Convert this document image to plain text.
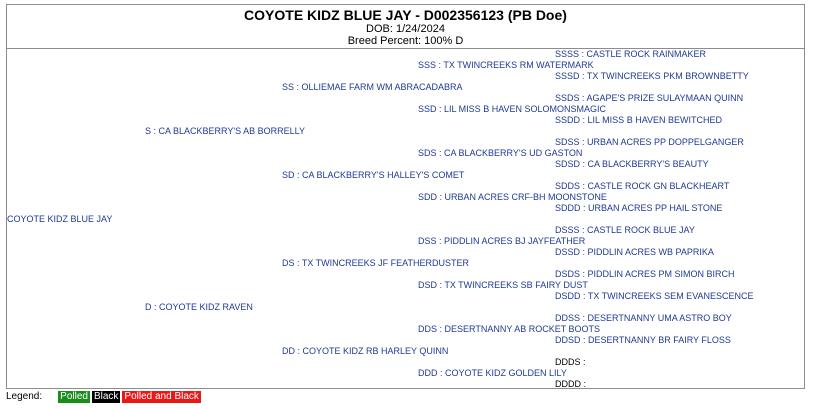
COYOTE KIDZ BLUE JAY - D002356123 (PB Doe)
DOB: 1/24/2024
Breed Percent: 100% D
COYOTE KIDZ BLUE JAY
S : CA BLACKBERRY'S AB BORRELLY
D : COYOTE KIDZ RAVEN
SS : OLLIEMAE FARM WM ABRACADABRA
SD : CA BLACKBERRY'S HALLEY'S COMET
DS : TX TWINCREEKS JF FEATHERDUSTER
DD : COYOTE KIDZ RB HARLEY QUINN
SSS : TX TWINCREEKS RM WATERMARK
SSD : LIL MISS B HAVEN SOLOMONSMAGIC
SDS : CA BLACKBERRY'S UD GASTON
SDD : URBAN ACRES CRF-BH MOONSTONE
DSS : PIDDLIN ACRES BJ JAYFEATHER
DSD : TX TWINCREEKS SB FAIRY DUST
DDS : DESERTNANNY AB ROCKET BOOTS
DDD : COYOTE KIDZ GOLDEN LILY
SSSS : CASTLE ROCK RAINMAKER
SSSD : TX TWINCREEKS PKM BROWNBETTY
SSDS : AGAPE'S PRIZE SULAYMAAN QUINN
SSDD : LIL MISS B HAVEN BEWITCHED
SDSS : URBAN ACRES PP DOPPELGANGER
SDSD : CA BLACKBERRY'S BEAUTY
SDDS : CASTLE ROCK GN BLACKHEART
SDDD : URBAN ACRES PP HAIL STONE
DSSS : CASTLE ROCK BLUE JAY
DSSD : PIDDLIN ACRES WB PAPRIKA
DSDS : PIDDLIN ACRES PM SIMON BIRCH
DSDD : TX TWINCREEKS SEM EVANESCENCE
DDSS : DESERTNANNY UMA ASTRO BOY
DDSD : DESERTNANNY BR FAIRY FLOSS
DDDS :
DDDD :
Legend: Polled Black Polled and Black
